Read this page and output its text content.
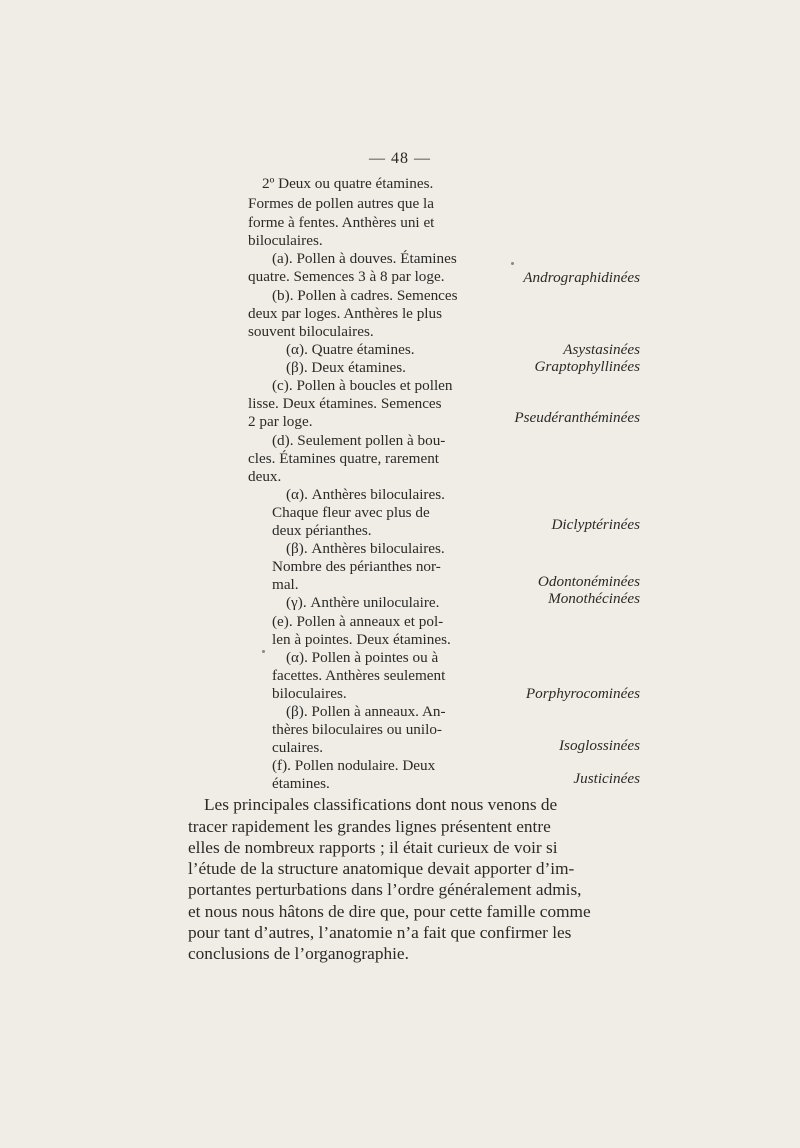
— 48 —
2º Deux ou quatre étamines.
Formes de pollen autres que la
forme à fentes. Anthères uni et
biloculaires.
(a). Pollen à douves. Étamines
quatre. Semences 3 à 8 par loge.
(b). Pollen à cadres. Semences
deux par loges. Anthères le plus
souvent biloculaires.
(α). Quatre étamines.
(β). Deux étamines.
(c). Pollen à boucles et pollen
lisse. Deux étamines. Semences
2 par loge.
(d). Seulement pollen à bou-
cles. Étamines quatre, rarement
deux.
(α). Anthères biloculaires.
Chaque fleur avec plus de
deux périanthes.
(β). Anthères biloculaires.
Nombre des périanthes nor-
mal.
(γ). Anthère uniloculaire.
(e). Pollen à anneaux et pol-
len à pointes. Deux étamines.
(α). Pollen à pointes ou à
facettes. Anthères seulement
biloculaires.
(β). Pollen à anneaux. An-
thères biloculaires ou unilo-
culaires.
(f). Pollen nodulaire. Deux
étamines.
Andrographidinées
Asystasinées
Graptophyllinées
Pseudéranthéminées
Diclyptérinées
Odontonéminées
Monothécinées
Porphyrocominées
Isoglossinées
Justicinées
Les principales classifications dont nous venons de
tracer rapidement les grandes lignes présentent entre
elles de nombreux rapports ; il était curieux de voir si
l’étude de la structure anatomique devait apporter d’im-
portantes perturbations dans l’ordre généralement admis,
et nous nous hâtons de dire que, pour cette famille comme
pour tant d’autres, l’anatomie n’a fait que confirmer les
conclusions de l’organographie.
